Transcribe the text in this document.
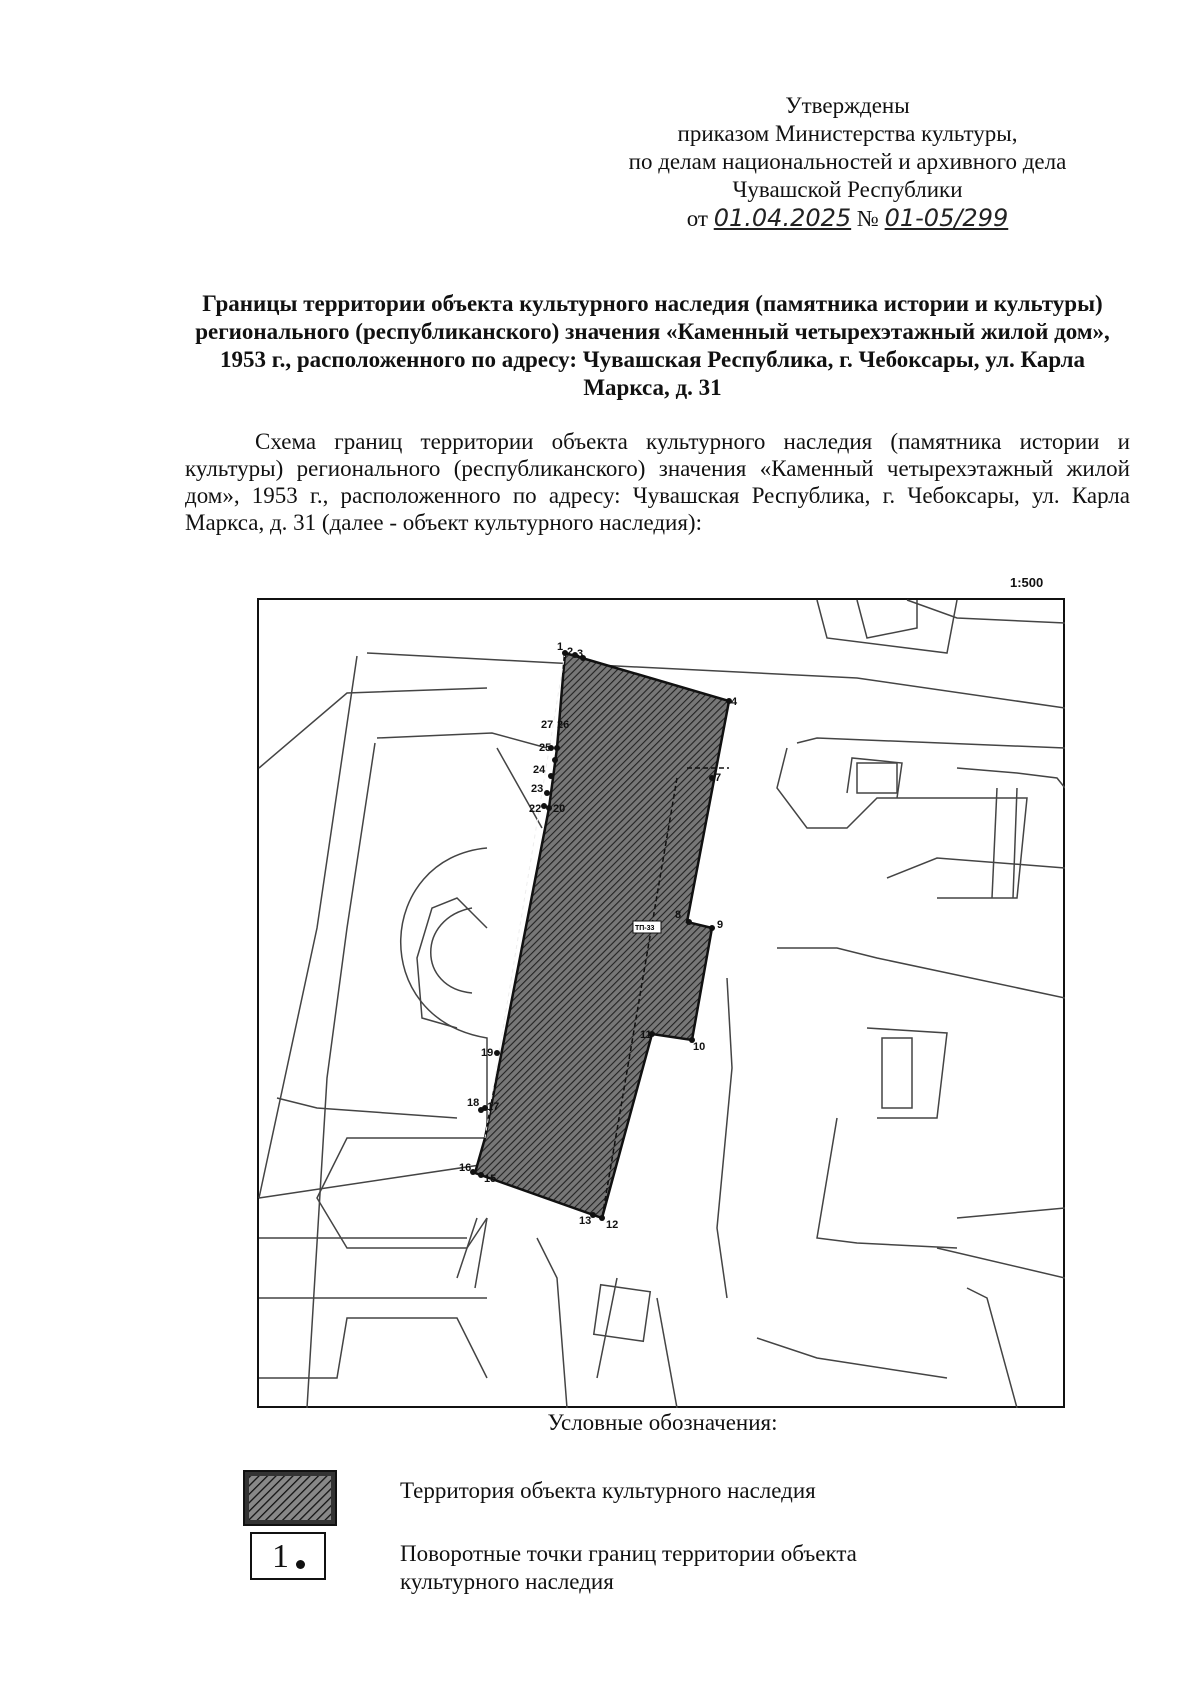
Утверждены
приказом Министерства культуры,
по делам национальностей и архивного дела
Чувашской Республики
от 01.04.2025 № 01-05/299
Границы территории объекта культурного наследия (памятника истории и культуры) регионального (республиканского) значения «Каменный четырехэтажный жилой дом», 1953 г., расположенного по адресу: Чувашская Республика, г. Чебоксары, ул. Карла Маркса, д. 31
Схема границ территории объекта культурного наследия (памятника истории и культуры) регионального (республиканского) значения «Каменный четырехэтажный жилой дом», 1953 г., расположенного по адресу: Чувашская Республика, г. Чебоксары, ул. Карла Маркса, д. 31 (далее - объект культурного наследия):
1:500
ТП-33
1 2 3
4
7
8
9
10
11
12
13
15
16
17
18
19
20
22
23
24
25
26
27
Условные обозначения:
Территория объекта культурного наследия
1	Поворотные точки границ территории объекта культурного наследия
